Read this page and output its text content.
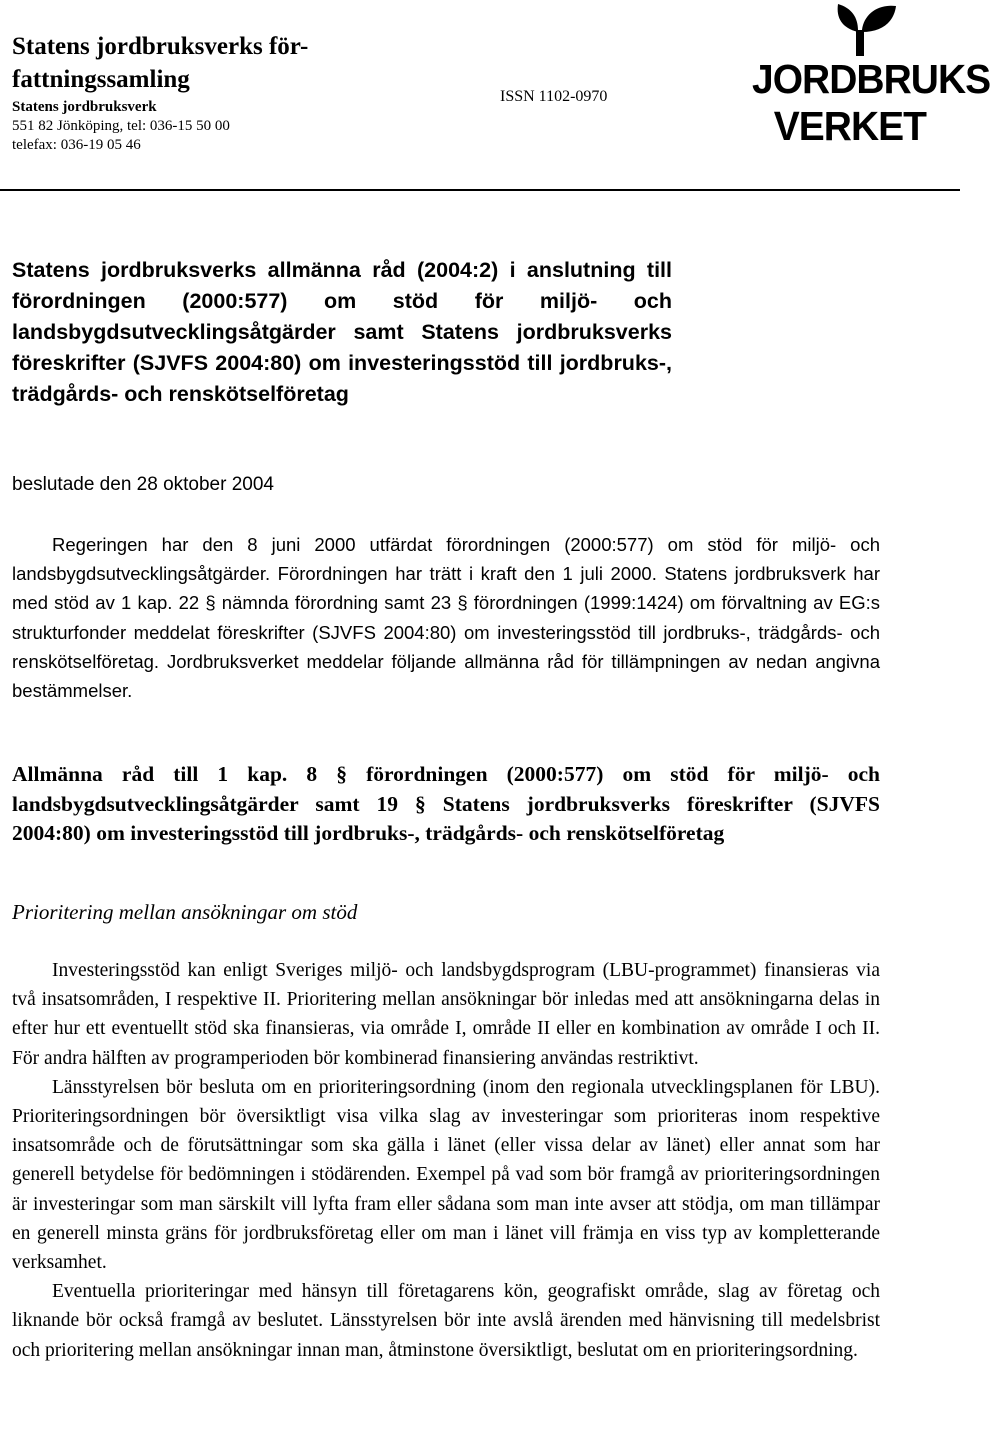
Statens jordbruksverks för-
fattningssamling
Statens jordbruksverk
551 82 Jönköping, tel: 036-15 50 00
telefax: 036-19 05 46
ISSN 1102-0970	JORDBRUKS
VERKET

Statens jordbruksverks allmänna råd (2004:2) i anslutning till förordningen (2000:577) om stöd för miljö- och landsbygdsutvecklingsåtgärder samt Statens jordbruksverks föreskrifter (SJVFS 2004:80) om investeringsstöd till jordbruks-, trädgårds- och renskötselföretag

beslutade den 28 oktober 2004

Regeringen har den 8 juni 2000 utfärdat förordningen (2000:577) om stöd för miljö- och landsbygdsutvecklingsåtgärder. Förordningen har trätt i kraft den 1 juli 2000. Statens jordbruksverk har med stöd av 1 kap. 22 § nämnda förordning samt 23 § förordningen (1999:1424) om förvaltning av EG:s strukturfonder meddelat föreskrifter (SJVFS 2004:80) om investeringsstöd till jordbruks-, trädgårds- och renskötselföretag. Jordbruksverket meddelar följande allmänna råd för tillämpningen av nedan angivna bestämmelser.

Allmänna råd till 1 kap. 8 § förordningen (2000:577) om stöd för miljö- och landsbygdsutvecklingsåtgärder samt 19 § Statens jordbruksverks föreskrifter (SJVFS 2004:80) om investeringsstöd till jordbruks-, trädgårds- och renskötselföretag

Prioritering mellan ansökningar om stöd

Investeringsstöd kan enligt Sveriges miljö- och landsbygdsprogram (LBU-programmet) finansieras via två insatsområden, I respektive II. Prioritering mellan ansökningar bör inledas med att ansökningarna delas in efter hur ett eventuellt stöd ska finansieras, via område I, område II eller en kombination av område I och II. För andra hälften av programperioden bör kombinerad finansiering användas restriktivt.

Länsstyrelsen bör besluta om en prioriteringsordning (inom den regionala utvecklingsplanen för LBU). Prioriteringsordningen bör översiktligt visa vilka slag av investeringar som prioriteras inom respektive insatsområde och de förutsättningar som ska gälla i länet (eller vissa delar av länet) eller annat som har generell betydelse för bedömningen i stödärenden. Exempel på vad som bör framgå av prioriteringsordningen är investeringar som man särskilt vill lyfta fram eller sådana som man inte avser att stödja, om man tillämpar en generell minsta gräns för jordbruksföretag eller om man i länet vill främja en viss typ av kompletterande verksamhet.

Eventuella prioriteringar med hänsyn till företagarens kön, geografiskt område, slag av företag och liknande bör också framgå av beslutet. Länsstyrelsen bör inte avslå ärenden med hänvisning till medelsbrist och prioritering mellan ansökningar innan man, åtminstone översiktligt, beslutat om en prioriteringsordning.
